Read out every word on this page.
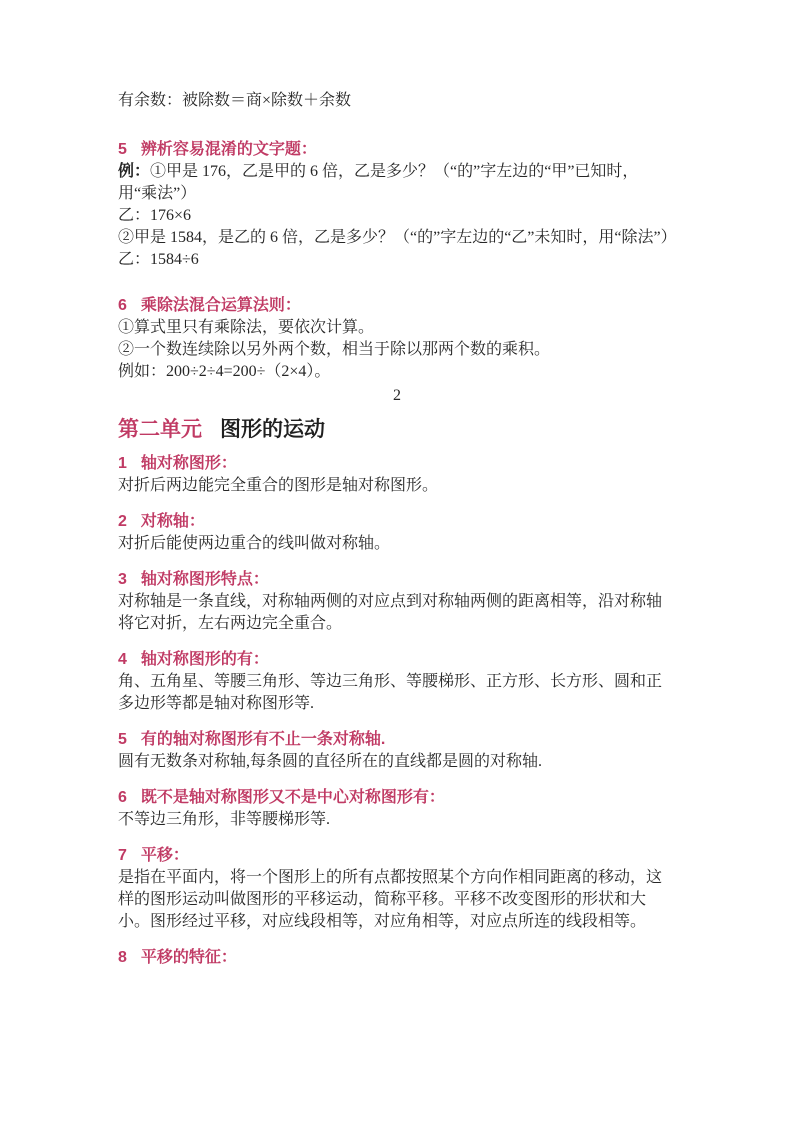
有余数：被除数＝商×除数＋余数

5 辨析容易混淆的文字题：

例：①甲是 176，乙是甲的 6 倍，乙是多少？（“的”字左边的“甲”已知时，用“乘法”）

乙：176×6

②甲是 1584，是乙的 6 倍，乙是多少？（“的”字左边的“乙”未知时，用“除法”）

乙：1584÷6

6 乘除法混合运算法则：

①算式里只有乘除法，要依次计算。

②一个数连续除以另外两个数，相当于除以那两个数的乘积。

例如：200÷2÷4=200÷（2×4）。

2

第二单元 图形的运动

1 轴对称图形：

对折后两边能完全重合的图形是轴对称图形。

2 对称轴：

对折后能使两边重合的线叫做对称轴。

3 轴对称图形特点：

对称轴是一条直线，对称轴两侧的对应点到对称轴两侧的距离相等，沿对称轴将它对折，左右两边完全重合。

4 轴对称图形的有：

角、五角星、等腰三角形、等边三角形、等腰梯形、正方形、长方形、圆和正多边形等都是轴对称图形等.

5 有的轴对称图形有不止一条对称轴.

圆有无数条对称轴,每条圆的直径所在的直线都是圆的对称轴.

6 既不是轴对称图形又不是中心对称图形有：

不等边三角形，非等腰梯形等.

7 平移：

是指在平面内，将一个图形上的所有点都按照某个方向作相同距离的移动，这样的图形运动叫做图形的平移运动，简称平移。平移不改变图形的形状和大小。图形经过平移，对应线段相等，对应角相等，对应点所连的线段相等。

8 平移的特征：
